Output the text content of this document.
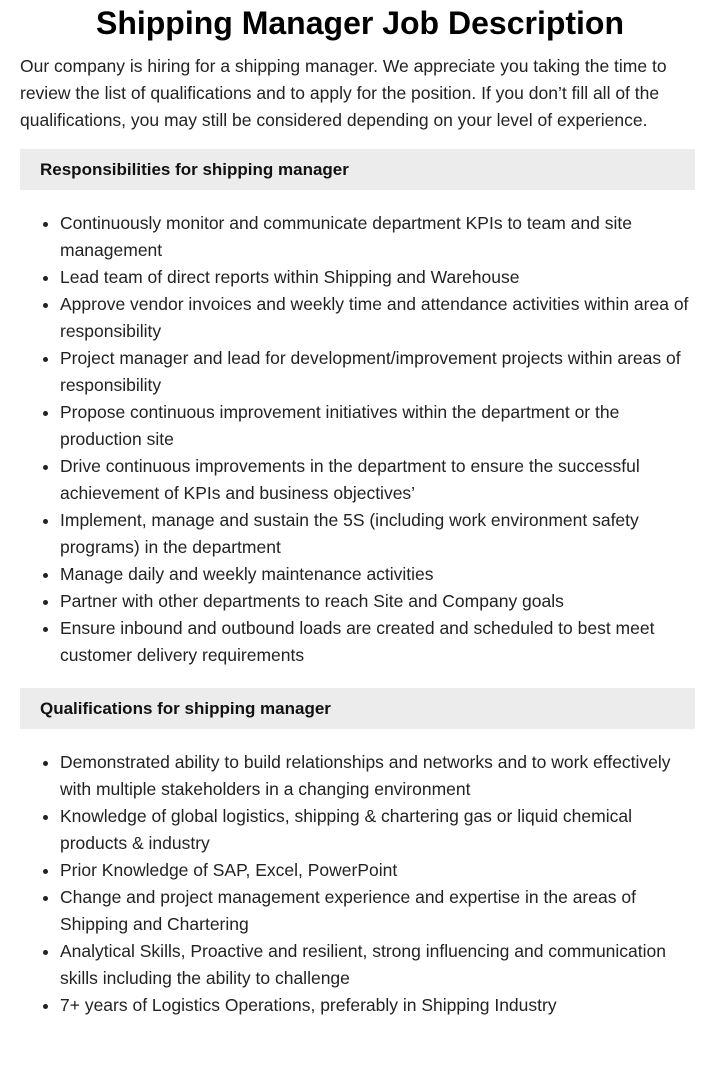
Shipping Manager Job Description

Our company is hiring for a shipping manager. We appreciate you taking the time to review the list of qualifications and to apply for the position. If you don’t fill all of the qualifications, you may still be considered depending on your level of experience.

Responsibilities for shipping manager
• Continuously monitor and communicate department KPIs to team and site management
• Lead team of direct reports within Shipping and Warehouse
• Approve vendor invoices and weekly time and attendance activities within area of responsibility
• Project manager and lead for development/improvement projects within areas of responsibility
• Propose continuous improvement initiatives within the department or the production site
• Drive continuous improvements in the department to ensure the successful achievement of KPIs and business objectives’
• Implement, manage and sustain the 5S (including work environment safety programs) in the department
• Manage daily and weekly maintenance activities
• Partner with other departments to reach Site and Company goals
• Ensure inbound and outbound loads are created and scheduled to best meet customer delivery requirements
Qualifications for shipping manager
• Demonstrated ability to build relationships and networks and to work effectively with multiple stakeholders in a changing environment
• Knowledge of global logistics, shipping & chartering gas or liquid chemical products & industry
• Prior Knowledge of SAP, Excel, PowerPoint
• Change and project management experience and expertise in the areas of Shipping and Chartering
• Analytical Skills, Proactive and resilient, strong influencing and communication skills including the ability to challenge
• 7+ years of Logistics Operations, preferably in Shipping Industry
